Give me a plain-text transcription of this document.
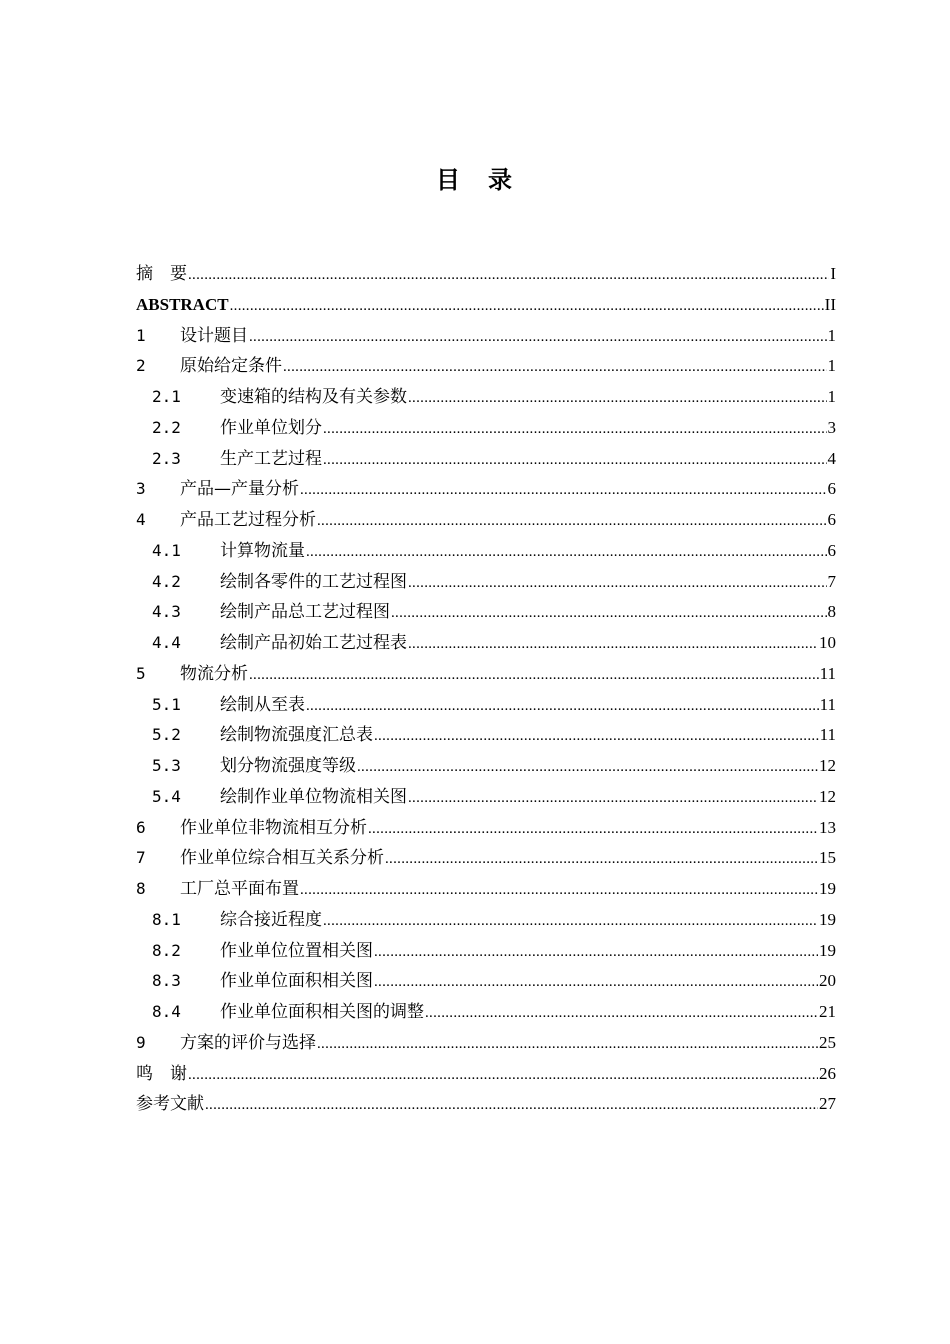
目　录
摘　要 .....	I
ABSTRACT .....	II
1	设计题目 .....	1
2	原始给定条件 .....	1
2.1	变速箱的结构及有关参数 .....	1
2.2	作业单位划分 .....	3
2.3	生产工艺过程 .....	4
3	产品—产量分析 .....	6
4	产品工艺过程分析 .....	6
4.1	计算物流量 .....	6
4.2	绘制各零件的工艺过程图 .....	7
4.3	绘制产品总工艺过程图 .....	8
4.4	绘制产品初始工艺过程表 .....	10
5	物流分析 .....	11
5.1	绘制从至表 .....	11
5.2	绘制物流强度汇总表 .....	11
5.3	划分物流强度等级 .....	12
5.4	绘制作业单位物流相关图 .....	12
6	作业单位非物流相互分析 .....	13
7	作业单位综合相互关系分析 .....	15
8	工厂总平面布置 .....	19
8.1	综合接近程度 .....	19
8.2	作业单位位置相关图 .....	19
8.3	作业单位面积相关图 .....	20
8.4	作业单位面积相关图的调整 .....	21
9	方案的评价与选择 .....	25
鸣　谢 .....	26
参考文献 .....	27
